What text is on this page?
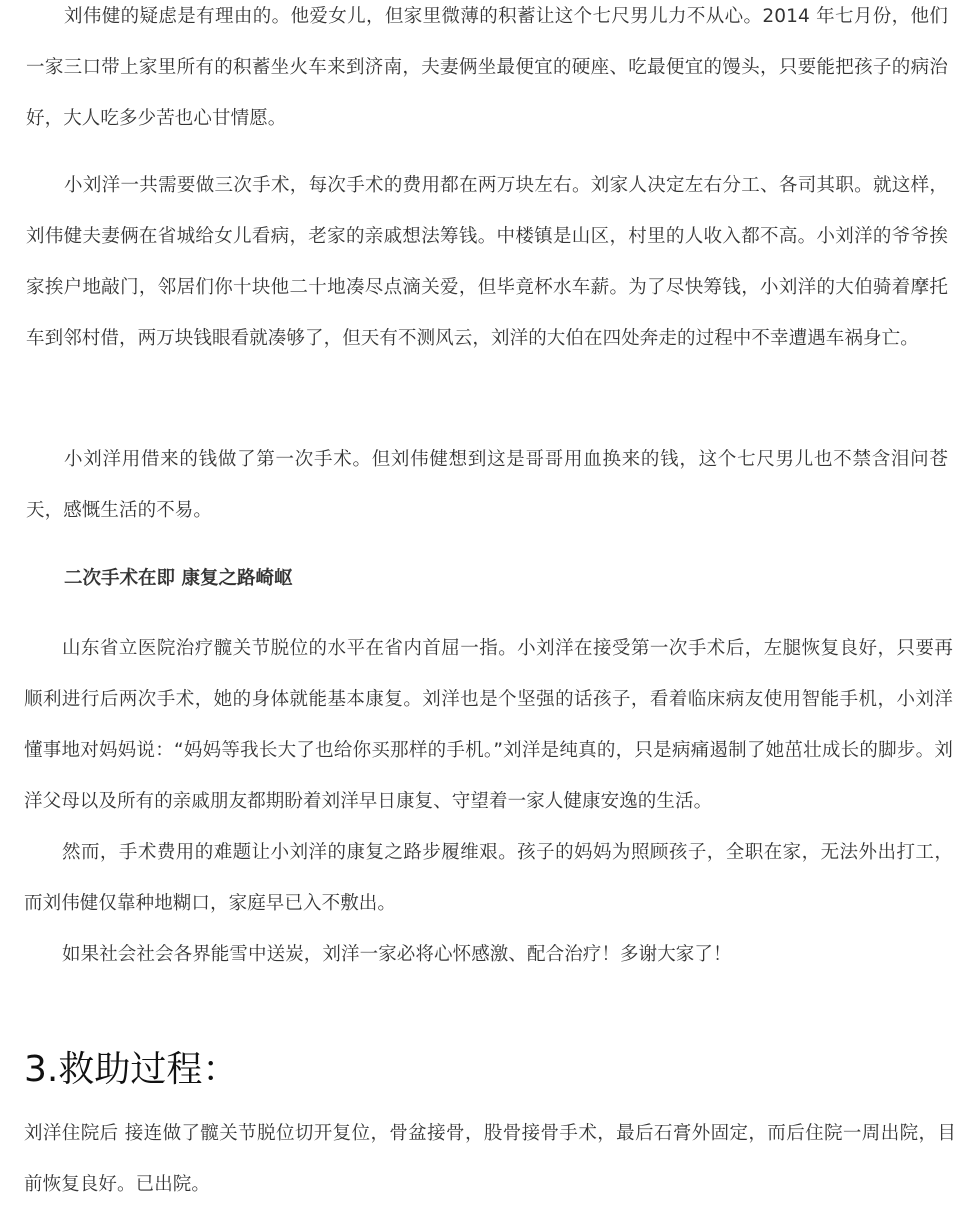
刘伟健的疑虑是有理由的。他爱女儿，但家里微薄的积蓄让这个七尺男儿力不从心。2014 年七月份，他们一家三口带上家里所有的积蓄坐火车来到济南，夫妻俩坐最便宜的硬座、吃最便宜的馒头，只要能把孩子的病治好，大人吃多少苦也心甘情愿。

小刘洋一共需要做三次手术，每次手术的费用都在两万块左右。刘家人决定左右分工、各司其职。就这样，刘伟健夫妻俩在省城给女儿看病，老家的亲戚想法筹钱。中楼镇是山区，村里的人收入都不高。小刘洋的爷爷挨家挨户地敲门，邻居们你十块他二十地凑尽点滴关爱，但毕竟杯水车薪。为了尽快筹钱，小刘洋的大伯骑着摩托车到邻村借，两万块钱眼看就凑够了，但天有不测风云，刘洋的大伯在四处奔走的过程中不幸遭遇车祸身亡。

小刘洋用借来的钱做了第一次手术。但刘伟健想到这是哥哥用血换来的钱，这个七尺男儿也不禁含泪问苍天，感慨生活的不易。

二次手术在即 康复之路崎岖

山东省立医院治疗髋关节脱位的水平在省内首屈一指。小刘洋在接受第一次手术后，左腿恢复良好，只要再顺利进行后两次手术，她的身体就能基本康复。刘洋也是个坚强的话孩子，看着临床病友使用智能手机，小刘洋懂事地对妈妈说：“妈妈等我长大了也给你买那样的手机。”刘洋是纯真的，只是病痛遏制了她茁壮成长的脚步。刘洋父母以及所有的亲戚朋友都期盼着刘洋早日康复、守望着一家人健康安逸的生活。

然而，手术费用的难题让小刘洋的康复之路步履维艰。孩子的妈妈为照顾孩子，全职在家，无法外出打工，而刘伟健仅靠种地糊口，家庭早已入不敷出。

如果社会社会各界能雪中送炭，刘洋一家必将心怀感激、配合治疗！多谢大家了！

3.救助过程：

刘洋住院后 接连做了髋关节脱位切开复位，骨盆接骨，股骨接骨手术，最后石膏外固定，而后住院一周出院，目前恢复良好。已出院。
